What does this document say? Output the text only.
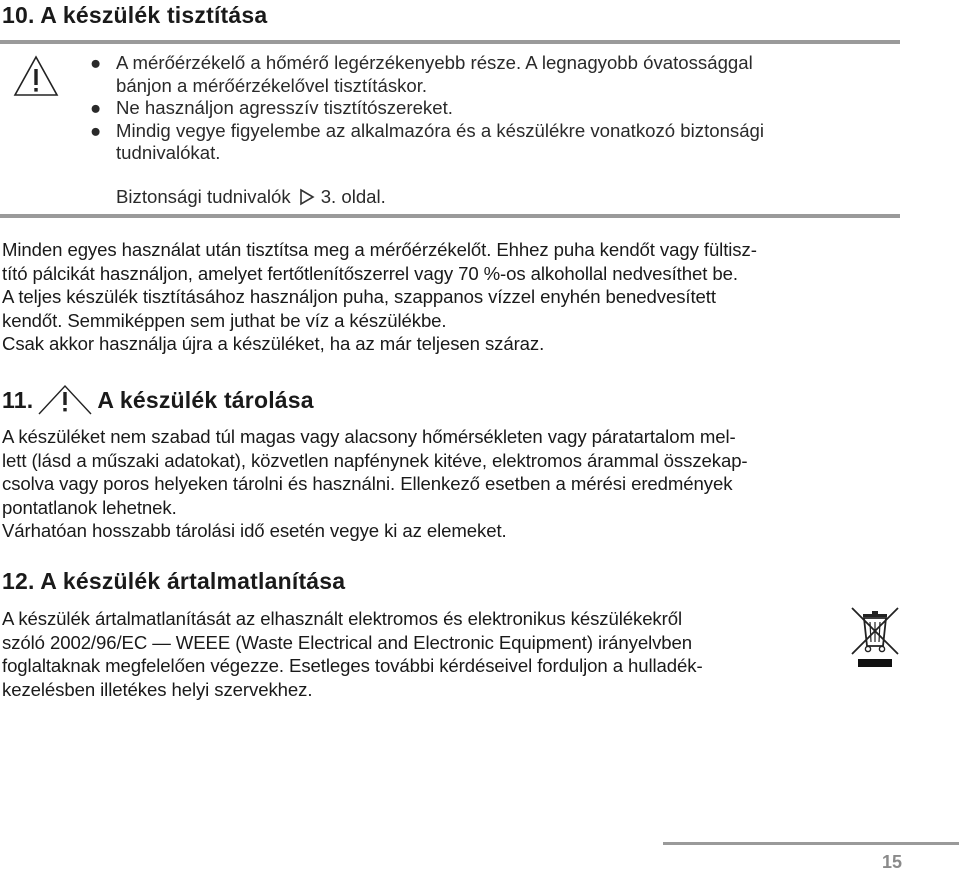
10. A készülék tisztítása
● A mérőérzékelő a hőmérő legérzékenyebb része. A legnagyobb óvatossággal
bánjon a mérőérzékelővel tisztításkor.
● Ne használjon agresszív tisztítószereket.
● Mindig vegye figyelembe az alkalmazóra és a készülékre vonatkozó biztonsági
tudnivalókat.
Biztonsági tudnivalók 3. oldal.
Minden egyes használat után tisztítsa meg a mérőérzékelőt. Ehhez puha kendőt vagy fültisz-
tító pálcikát használjon, amelyet fertőtlenítőszerrel vagy 70 %-os alkohollal nedvesíthet be.
A teljes készülék tisztításához használjon puha, szappanos vízzel enyhén benedvesített
kendőt. Semmiképpen sem juthat be víz a készülékbe.
Csak akkor használja újra a készüléket, ha az már teljesen száraz.
11.	A készülék tárolása
A készüléket nem szabad túl magas vagy alacsony hőmérsékleten vagy páratartalom mel-
lett (lásd a műszaki adatokat), közvetlen napfénynek kitéve, elektromos árammal összekap-
csolva vagy poros helyeken tárolni és használni. Ellenkező esetben a mérési eredmények
pontatlanok lehetnek.
Várhatóan hosszabb tárolási idő esetén vegye ki az elemeket.
12. A készülék ártalmatlanítása
A készülék ártalmatlanítását az elhasznált elektromos és elektronikus készülékekről
szóló 2002/96/EC — WEEE (Waste Electrical and Electronic Equipment) irányelvben
foglaltaknak megfelelően végezze. Esetleges további kérdéseivel forduljon a hulladék-
kezelésben illetékes helyi szervekhez.
15
